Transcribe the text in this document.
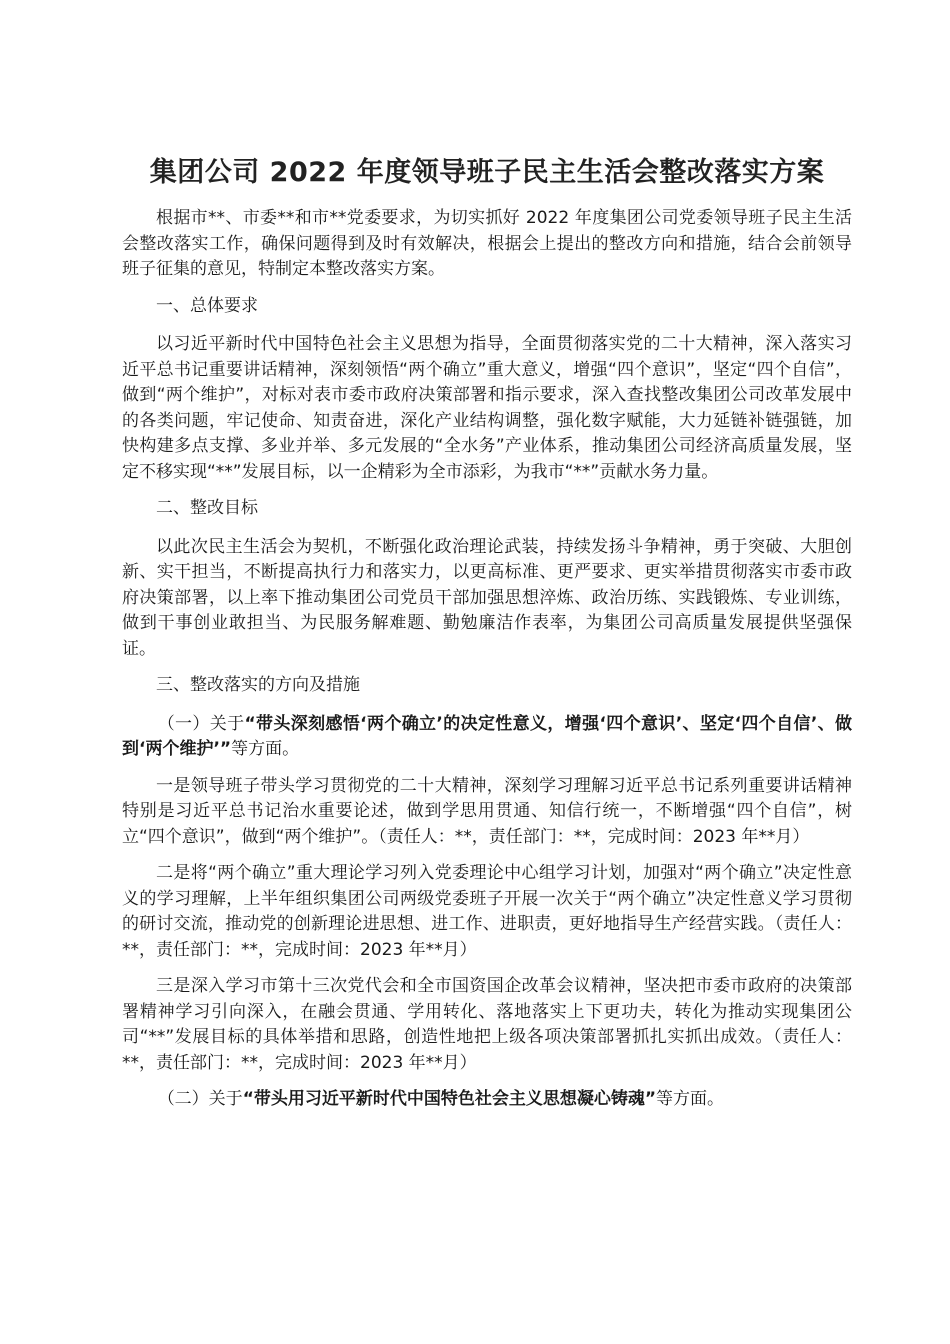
集团公司 2022 年度领导班子民主生活会整改落实方案

根据市**、市委**和市**党委要求，为切实抓好 2022 年度集团公司党委领导班子民主生活会整改落实工作，确保问题得到及时有效解决，根据会上提出的整改方向和措施，结合会前领导班子征集的意见，特制定本整改落实方案。

一、总体要求

以习近平新时代中国特色社会主义思想为指导，全面贯彻落实党的二十大精神，深入落实习近平总书记重要讲话精神，深刻领悟“两个确立”重大意义，增强“四个意识”，坚定“四个自信”，做到“两个维护”，对标对表市委市政府决策部署和指示要求，深入查找整改集团公司改革发展中的各类问题，牢记使命、知责奋进，深化产业结构调整，强化数字赋能，大力延链补链强链，加快构建多点支撑、多业并举、多元发展的“全水务”产业体系，推动集团公司经济高质量发展，坚定不移实现“**”发展目标，以一企精彩为全市添彩，为我市“**”贡献水务力量。

二、整改目标

以此次民主生活会为契机，不断强化政治理论武装，持续发扬斗争精神，勇于突破、大胆创新、实干担当，不断提高执行力和落实力，以更高标准、更严要求、更实举措贯彻落实市委市政府决策部署，以上率下推动集团公司党员干部加强思想淬炼、政治历练、实践锻炼、专业训练，做到干事创业敢担当、为民服务解难题、勤勉廉洁作表率，为集团公司高质量发展提供坚强保证。

三、整改落实的方向及措施

（一）关于“带头深刻感悟‘两个确立’的决定性意义，增强‘四个意识’、坚定‘四个自信’、做到‘两个维护’”等方面。

一是领导班子带头学习贯彻党的二十大精神，深刻学习理解习近平总书记系列重要讲话精神特别是习近平总书记治水重要论述，做到学思用贯通、知信行统一，不断增强“四个自信”，树立“四个意识”，做到“两个维护”。（责任人：**，责任部门：**，完成时间：2023 年**月）

二是将“两个确立”重大理论学习列入党委理论中心组学习计划，加强对“两个确立”决定性意义的学习理解，上半年组织集团公司两级党委班子开展一次关于“两个确立”决定性意义学习贯彻的研讨交流，推动党的创新理论进思想、进工作、进职责，更好地指导生产经营实践。（责任人：**，责任部门：**，完成时间：2023 年**月）

三是深入学习市第十三次党代会和全市国资国企改革会议精神，坚决把市委市政府的决策部署精神学习引向深入，在融会贯通、学用转化、落地落实上下更功夫，转化为推动实现集团公司“**”发展目标的具体举措和思路，创造性地把上级各项决策部署抓扎实抓出成效。（责任人：**，责任部门：**，完成时间：2023 年**月）

（二）关于“带头用习近平新时代中国特色社会主义思想凝心铸魂”等方面。
